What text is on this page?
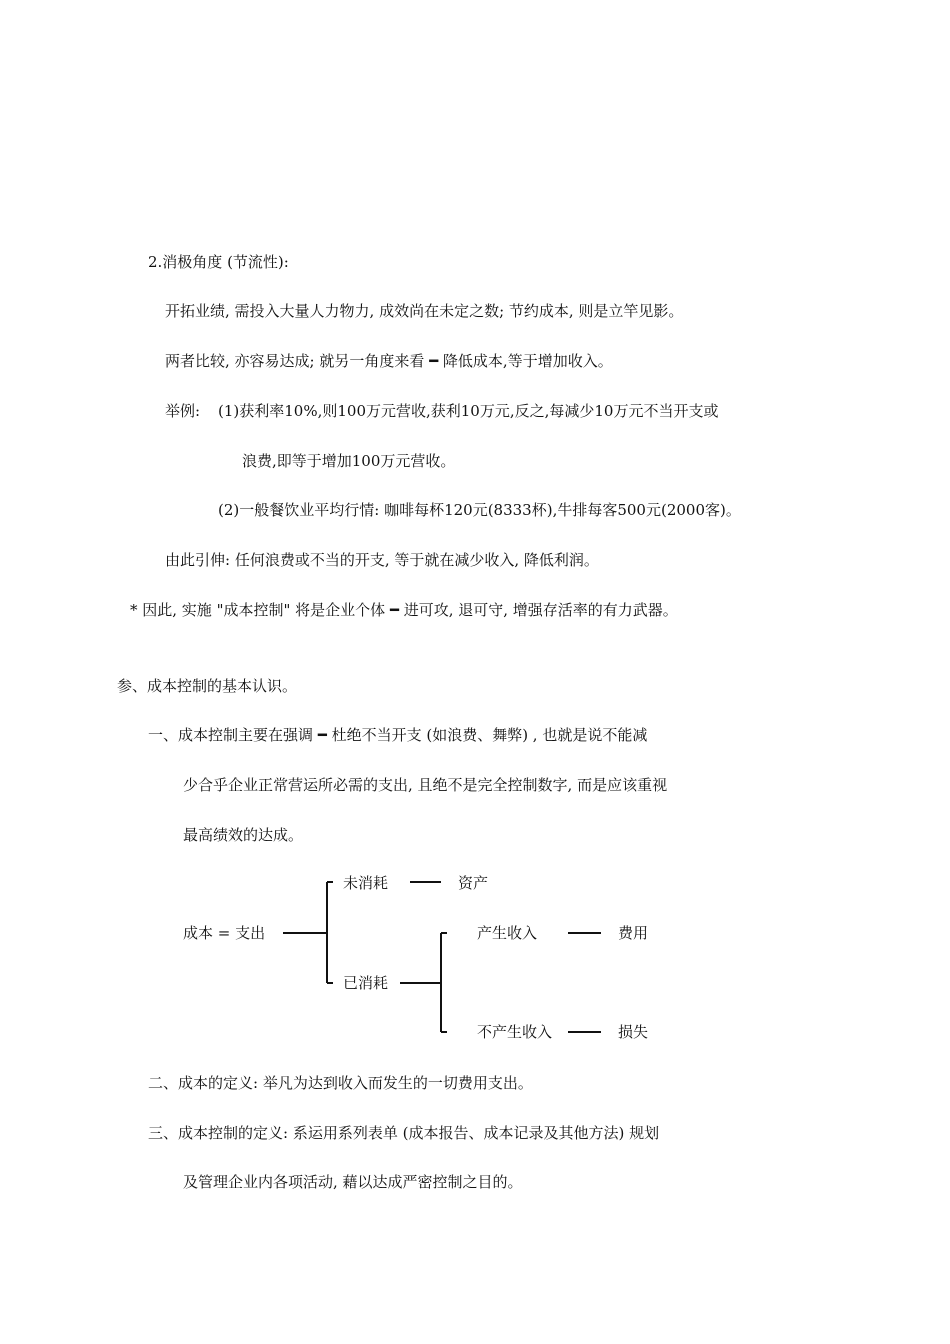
2.消极角度 (节流性):
开拓业绩, 需投入大量人力物力, 成效尚在未定之数; 节约成本, 则是立竿见影。
两者比较, 亦容易达成; 就另一角度来看 ━ 降低成本,等于增加收入。
举例: (1)获利率10%,则100万元营收,获利10万元,反之,每减少10万元不当开支或
浪费,即等于增加100万元营收。
(2)一般餐饮业平均行情: 咖啡每杯120元(8333杯),牛排每客500元(2000客)。
由此引伸: 任何浪费或不当的开支, 等于就在减少收入, 降低利润。
* 因此, 实施 "成本控制" 将是企业个体 ━ 进可攻, 退可守, 增强存活率的有力武器。
参、成本控制的基本认识。
一、成本控制主要在强调 ━ 杜绝不当开支 (如浪费、舞弊) , 也就是说不能减
少合乎企业正常营运所必需的支出, 且绝不是完全控制数字, 而是应该重视
最高绩效的达成。
成本 = 支出
未消耗	资产
已消耗
产生收入	费用
不产生收入	损失
二、成本的定义: 举凡为达到收入而发生的一切费用支出。
三、成本控制的定义: 系运用系列表单 (成本报告、成本记录及其他方法) 规划
及管理企业内各项活动, 藉以达成严密控制之目的。
